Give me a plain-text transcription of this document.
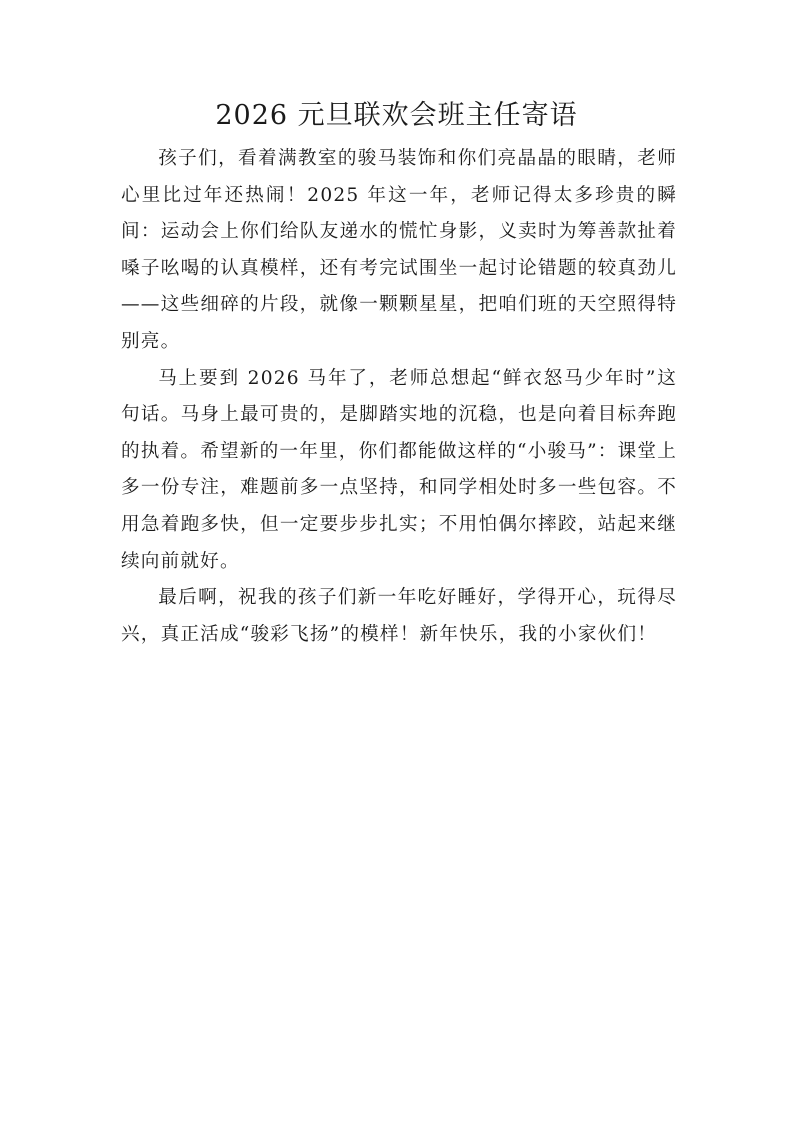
2026 元旦联欢会班主任寄语

孩子们，看着满教室的骏马装饰和你们亮晶晶的眼睛，老师心里比过年还热闹！2025 年这一年，老师记得太多珍贵的瞬间：运动会上你们给队友递水的慌忙身影，义卖时为筹善款扯着嗓子吆喝的认真模样，还有考完试围坐一起讨论错题的较真劲儿——这些细碎的片段，就像一颗颗星星，把咱们班的天空照得特别亮。

马上要到 2026 马年了，老师总想起“鲜衣怒马少年时”这句话。马身上最可贵的，是脚踏实地的沉稳，也是向着目标奔跑的执着。希望新的一年里，你们都能做这样的“小骏马”：课堂上多一份专注，难题前多一点坚持，和同学相处时多一些包容。不用急着跑多快，但一定要步步扎实；不用怕偶尔摔跤，站起来继续向前就好。

最后啊，祝我的孩子们新一年吃好睡好，学得开心，玩得尽兴，真正活成“骏彩飞扬”的模样！新年快乐，我的小家伙们！
